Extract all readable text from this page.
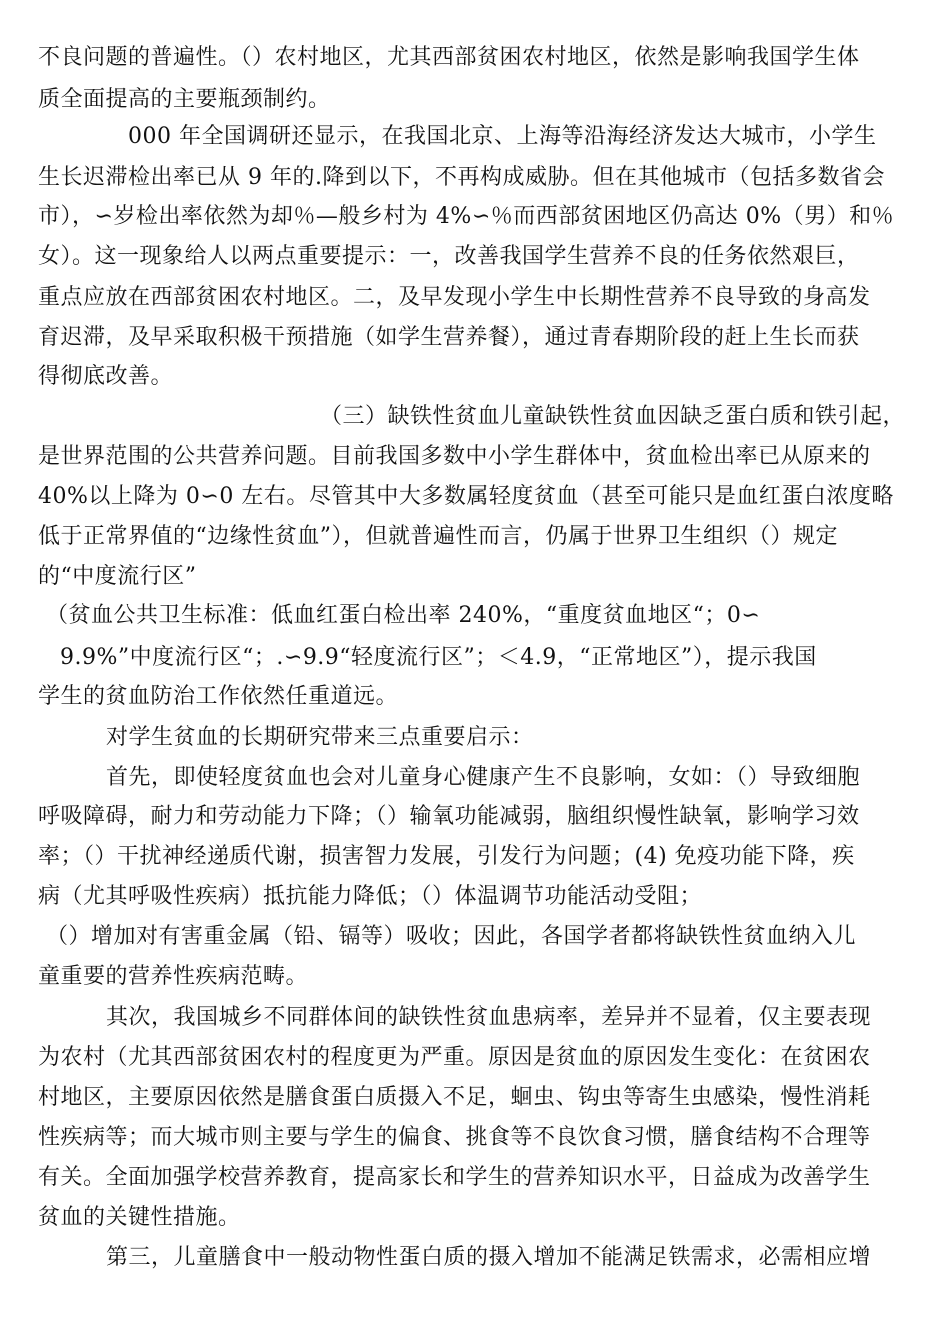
不良问题的普遍性。（）农村地区，尤其西部贫困农村地区，依然是影响我国学生体
质全面提高的主要瓶颈制约。
000 年全国调研还显示，在我国北京、上海等沿海经济发达大城市，小学生
生长迟滞检出率已从 9 年的.降到以下，不再构成威胁。但在其他城市（包括多数省会
市），∽岁检出率依然为却％—般乡村为 4%∽％而西部贫困地区仍高达 0%（男）和％
女）。这一现象给人以两点重要提示：一，改善我国学生营养不良的任务依然艰巨，
重点应放在西部贫困农村地区。二，及早发现小学生中长期性营养不良导致的身高发
育迟滞，及早采取积极干预措施（如学生营养餐），通过青春期阶段的赶上生长而获
得彻底改善。
（三）缺铁性贫血儿童缺铁性贫血因缺乏蛋白质和铁引起，
是世界范围的公共营养问题。目前我国多数中小学生群体中，贫血检出率已从原来的
40%以上降为 0∽0 左右。尽管其中大多数属轻度贫血（甚至可能只是血红蛋白浓度略
低于正常界值的“边缘性贫血”），但就普遍性而言，仍属于世界卫生组织（）规定
的“中度流行区”
（贫血公共卫生标准：低血红蛋白检出率 240%，“重度贫血地区“；0∽
9.9%”中度流行区“；.∽9.9“轻度流行区”；＜4.9，“正常地区”），提示我国
学生的贫血防治工作依然任重道远。
对学生贫血的长期研究带来三点重要启示：
首先，即使轻度贫血也会对儿童身心健康产生不良影响，女如：（）导致细胞
呼吸障碍，耐力和劳动能力下降；（）输氧功能减弱，脑组织慢性缺氧，影响学习效
率；（）干扰神经递质代谢，损害智力发展，引发行为问题；(4) 免疫功能下降，疾
病（尤其呼吸性疾病）抵抗能力降低；（）体温调节功能活动受阻；
（）增加对有害重金属（铅、镉等）吸收；因此，各国学者都将缺铁性贫血纳入儿
童重要的营养性疾病范畴。
其次，我国城乡不同群体间的缺铁性贫血患病率，差异并不显着，仅主要表现
为农村（尤其西部贫困农村的程度更为严重。原因是贫血的原因发生变化：在贫困农
村地区，主要原因依然是膳食蛋白质摄入不足，蛔虫、钩虫等寄生虫感染，慢性消耗
性疾病等；而大城市则主要与学生的偏食、挑食等不良饮食习惯，膳食结构不合理等
有关。全面加强学校营养教育，提高家长和学生的营养知识水平，日益成为改善学生
贫血的关键性措施。
第三，儿童膳食中一般动物性蛋白质的摄入增加不能满足铁需求，必需相应增
